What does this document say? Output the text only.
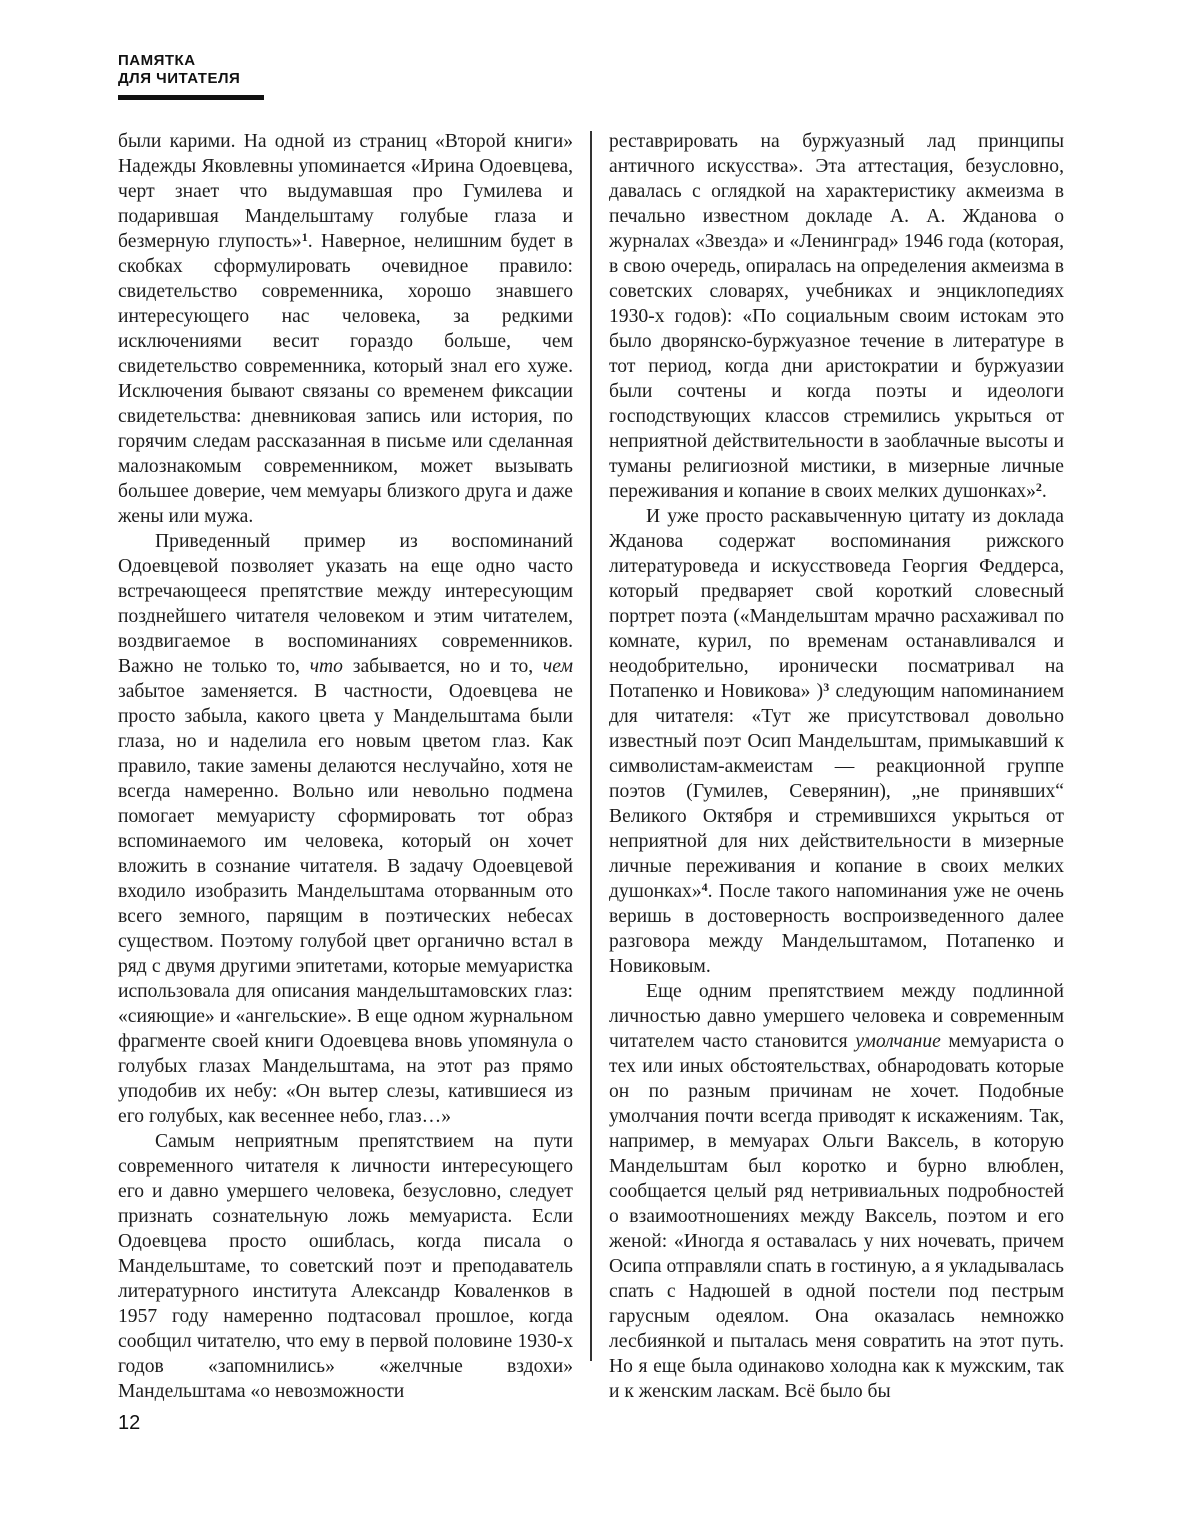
ПАМЯТКА
ДЛЯ ЧИТАТЕЛЯ

были карими. На одной из страниц «Второй книги» Надежды Яковлевны упоминается «Ирина Одоевцева, черт знает что выдумавшая про Гумилева и подарившая Мандельштаму голубые глаза и безмерную глупость»$^1$. Наверное, нелишним будет в скобках сформулировать очевидное правило: свидетельство современника, хорошо знавшего интересующего нас человека, за редкими исключениями весит гораздо больше, чем свидетельство современника, который знал его хуже. Исключения бывают связаны со временем фиксации свидетельства: дневниковая запись или история, по горячим следам рассказанная в письме или сделанная малознакомым современником, может вызывать большее доверие, чем мемуары близкого друга и даже жены или мужа.

Приведенный пример из воспоминаний Одоевцевой позволяет указать на еще одно часто встречающееся препятствие между интересующим позднейшего читателя человеком и этим читателем, воздвигаемое в воспоминаниях современников. Важно не только то, что забывается, но и то, чем забытое заменяется. В частности, Одоевцева не просто забыла, какого цвета у Мандельштама были глаза, но и наделила его новым цветом глаз. Как правило, такие замены делаются неслучайно, хотя не всегда намеренно. Вольно или невольно подмена помогает мемуаристу сформировать тот образ вспоминаемого им человека, который он хочет вложить в сознание читателя. В задачу Одоевцевой входило изобразить Мандельштама оторванным ото всего земного, парящим в поэтических небесах существом. Поэтому голубой цвет органично встал в ряд с двумя другими эпитетами, которые мемуаристка использовала для описания мандельштамовских глаз: «сияющие» и «ангельские». В еще одном журнальном фрагменте своей книги Одоевцева вновь упомянула о голубых глазах Мандельштама, на этот раз прямо уподобив их небу: «Он вытер слезы, катившиеся из его голубых, как весеннее небо, глаз…»

Самым неприятным препятствием на пути современного читателя к личности интересующего его и давно умершего человека, безусловно, следует признать сознательную ложь мемуариста. Если Одоевцева просто ошиблась, когда писала о Мандельштаме, то советский поэт и преподаватель литературного института Александр Коваленков в 1957 году намеренно подтасовал прошлое, когда сообщил читателю, что ему в первой половине 1930-х годов «запомнились» «желчные вздохи» Мандельштама «о невозможности

реставрировать на буржуазный лад принципы античного искусства». Эта аттестация, безусловно, давалась с оглядкой на характеристику акмеизма в печально известном докладе А. А. Жданова о журналах «Звезда» и «Ленинград» 1946 года (которая, в свою очередь, опиралась на определения акмеизма в советских словарях, учебниках и энциклопедиях 1930-х годов): «По социальным своим истокам это было дворянско-буржуазное течение в литературе в тот период, когда дни аристократии и буржуазии были сочтены и когда поэты и идеологи господствующих классов стремились укрыться от неприятной действительности в заоблачные высоты и туманы религиозной мистики, в мизерные личные переживания и копание в своих мелких душонках»$^2$.

И уже просто раскавыченную цитату из доклада Жданова содержат воспоминания рижского литературоведа и искусствоведа Георгия Феддерса, который предваряет свой короткий словесный портрет поэта («Мандельштам мрачно расхаживал по комнате, курил, по временам останавливался и неодобрительно, иронически посматривал на Потапенко и Новикова» )$^3$ следующим напоминанием для читателя: «Тут же присутствовал довольно известный поэт Осип Мандельштам, примыкавший к символистам-акмеистам — реакционной группе поэтов (Гумилев, Северянин), „не принявших“ Великого Октября и стремившихся укрыться от неприятной для них действительности в мизерные личные переживания и копание в своих мелких душонках»$^4$. После такого напоминания уже не очень веришь в достоверность воспроизведенного далее разговора между Мандельштамом, Потапенко и Новиковым.

Еще одним препятствием между подлинной личностью давно умершего человека и современным читателем часто становится умолчание мемуариста о тех или иных обстоятельствах, обнародовать которые он по разным причинам не хочет. Подобные умолчания почти всегда приводят к искажениям. Так, например, в мемуарах Ольги Ваксель, в которую Мандельштам был коротко и бурно влюблен, сообщается целый ряд нетривиальных подробностей о взаимоотношениях между Ваксель, поэтом и его женой: «Иногда я оставалась у них ночевать, причем Осипа отправляли спать в гостиную, а я укладывалась спать с Надюшей в одной постели под пестрым гарусным одеялом. Она оказалась немножко лесбиянкой и пыталась меня совратить на этот путь. Но я еще была одинаково холодна как к мужским, так и к женским ласкам. Всё было бы

12
